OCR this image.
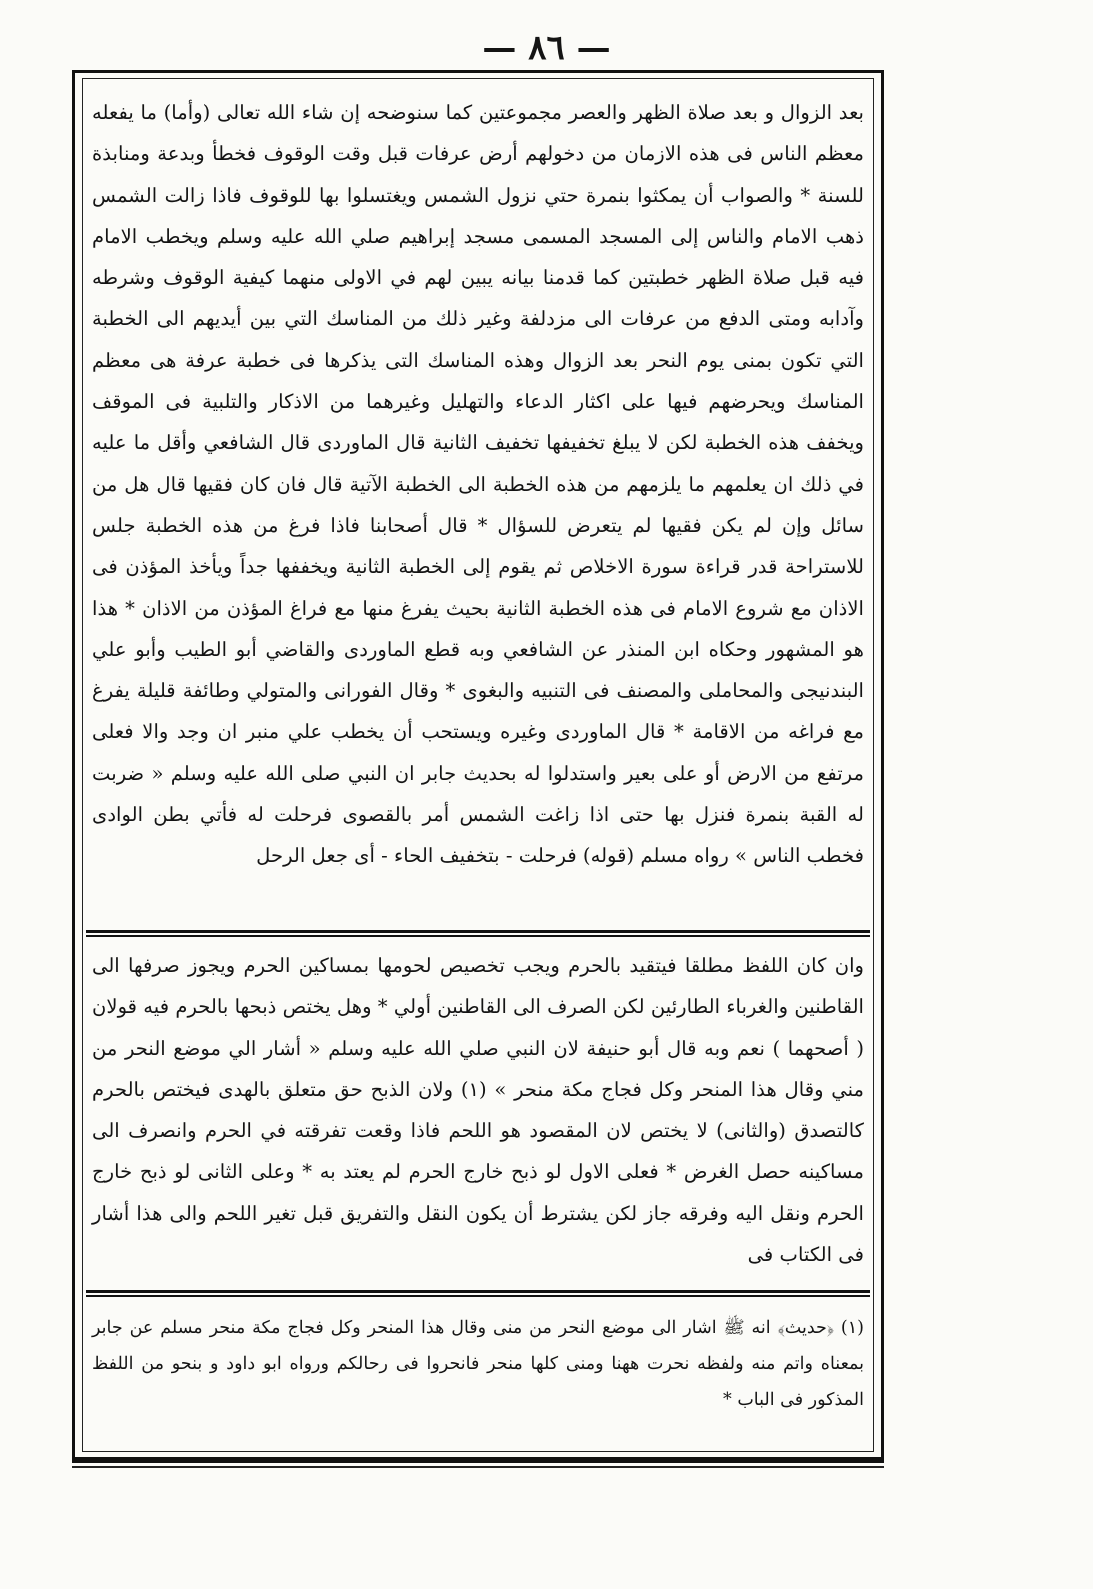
— ٨٦ —

بعد الزوال و بعد صلاة الظهر والعصر مجموعتين كما سنوضحه إن شاء الله تعالى (وأما) ما يفعله معظم الناس فى هذه الازمان من دخولهم أرض عرفات قبل وقت الوقوف فخطأ وبدعة ومنابذة للسنة * والصواب أن يمكثوا بنمرة حتي نزول الشمس ويغتسلوا بها للوقوف فاذا زالت الشمس ذهب الامام والناس إلى المسجد المسمى مسجد إبراهيم صلي الله عليه وسلم ويخطب الامام فيه قبل صلاة الظهر خطبتين كما قدمنا بيانه يبين لهم في الاولى منهما كيفية الوقوف وشرطه وآدابه ومتى الدفع من عرفات الى مزدلفة وغير ذلك من المناسك التي بين أيديهم الى الخطبة التي تكون بمنى يوم النحر بعد الزوال وهذه المناسك التى يذكرها فى خطبة عرفة هى معظم المناسك ويحرضهم فيها على اكثار الدعاء والتهليل وغيرهما من الاذكار والتلبية فى الموقف ويخفف هذه الخطبة لكن لا يبلغ تخفيفها تخفيف الثانية قال الماوردى قال الشافعي وأقل ما عليه في ذلك ان يعلمهم ما يلزمهم من هذه الخطبة الى الخطبة الآتية قال فان كان فقيها قال هل من سائل وإن لم يكن فقيها لم يتعرض للسؤال * قال أصحابنا فاذا فرغ من هذه الخطبة جلس للاستراحة قدر قراءة سورة الاخلاص ثم يقوم إلى الخطبة الثانية ويخففها جداً ويأخذ المؤذن فى الاذان مع شروع الامام فى هذه الخطبة الثانية بحيث يفرغ منها مع فراغ المؤذن من الاذان * هذا هو المشهور وحكاه ابن المنذر عن الشافعي وبه قطع الماوردى والقاضي أبو الطيب وأبو علي البندنيجى والمحاملى والمصنف فى التنبيه والبغوى * وقال الفورانى والمتولي وطائفة قليلة يفرغ مع فراغه من الاقامة * قال الماوردى وغيره ويستحب أن يخطب علي منبر ان وجد والا فعلى مرتفع من الارض أو على بعير واستدلوا له بحديث جابر ان النبي صلى الله عليه وسلم « ضربت له القبة بنمرة فنزل بها حتى اذا زاغت الشمس أمر بالقصوى فرحلت له فأتي بطن الوادى فخطب الناس » رواه مسلم (قوله) فرحلت - بتخفيف الحاء - أى جعل الرحل

وان كان اللفظ مطلقا فيتقيد بالحرم ويجب تخصيص لحومها بمساكين الحرم ويجوز صرفها الى القاطنين والغرباء الطارئين لكن الصرف الى القاطنين أولي * وهل يختص ذبحها بالحرم فيه قولان ( أصحهما ) نعم وبه قال أبو حنيفة لان النبي صلي الله عليه وسلم « أشار الي موضع النحر من مني وقال هذا المنحر وكل فجاج مكة منحر » (١) ولان الذبح حق متعلق بالهدى فيختص بالحرم كالتصدق (والثانى) لا يختص لان المقصود هو اللحم فاذا وقعت تفرقته في الحرم وانصرف الى مساكينه حصل الغرض * فعلى الاول لو ذبح خارج الحرم لم يعتد به * وعلى الثانى لو ذبح خارج الحرم ونقل اليه وفرقه جاز لكن يشترط أن يكون النقل والتفريق قبل تغير اللحم والى هذا أشار فى الكتاب فى

(١) ﴿حديث﴾ انه ﷺ اشار الى موضع النحر من منى وقال هذا المنحر وكل فجاج مكة منحر مسلم عن جابر بمعناه واتم منه ولفظه نحرت ههنا ومنى كلها منحر فانحروا فى رحالكم ورواه ابو داود و بنحو من اللفظ المذكور فى الباب *
